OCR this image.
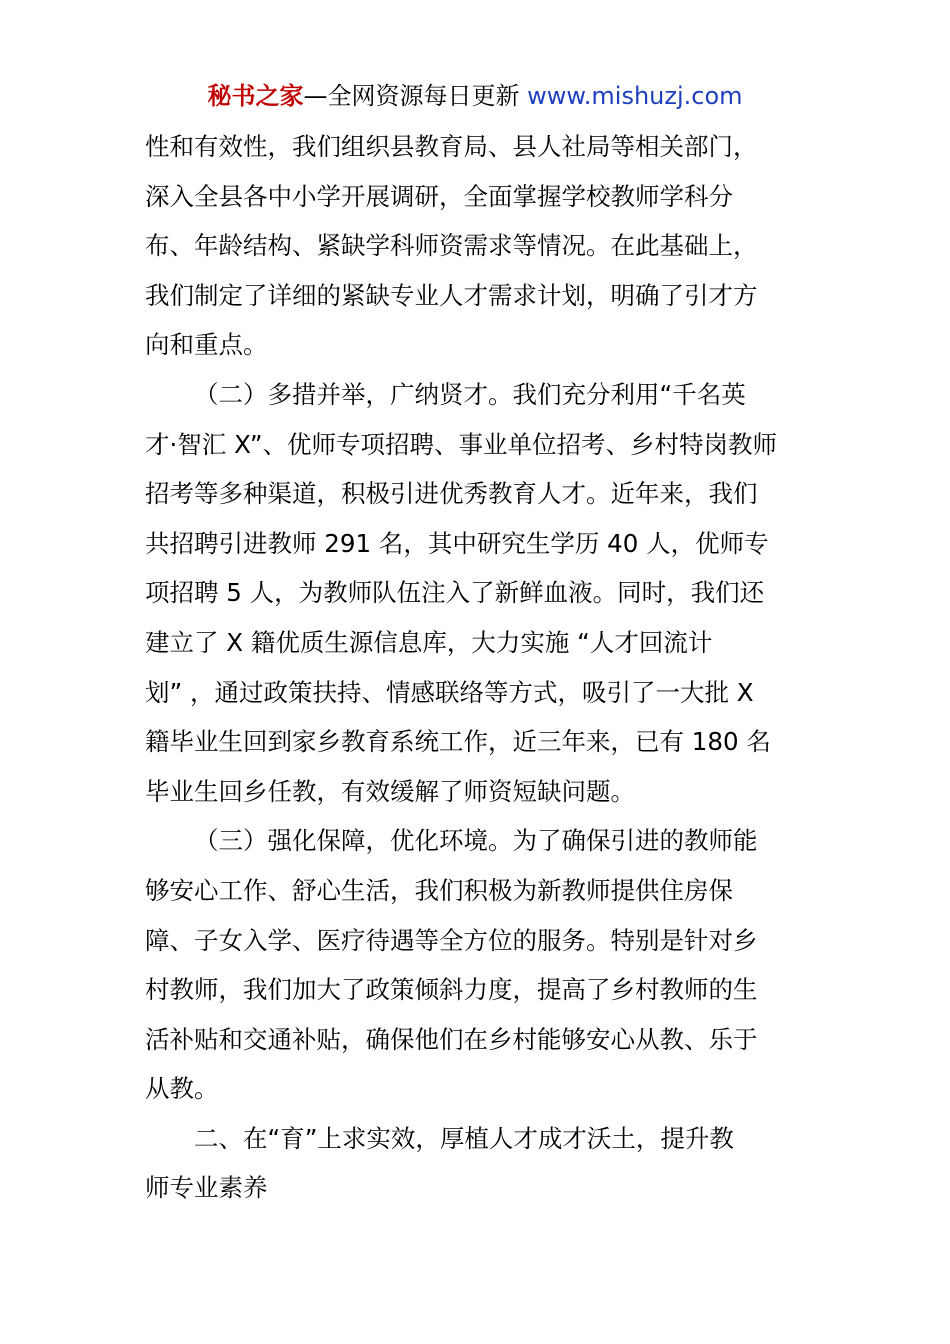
秘书之家—全网资源每日更新 www.mishuzj.com
性和有效性，我们组织县教育局、县人社局等相关部门，
深入全县各中小学开展调研，全面掌握学校教师学科分
布、年龄结构、紧缺学科师资需求等情况。在此基础上，
我们制定了详细的紧缺专业人才需求计划，明确了引才方
向和重点。
（二）多措并举，广纳贤才。我们充分利用“千名英
才·智汇 X”、优师专项招聘、事业单位招考、乡村特岗教师
招考等多种渠道，积极引进优秀教育人才。近年来，我们
共招聘引进教师 291 名，其中研究生学历 40 人，优师专
项招聘 5 人，为教师队伍注入了新鲜血液。同时，我们还
建立了 X 籍优质生源信息库，大力实施 “人才回流计
划” ，通过政策扶持、情感联络等方式，吸引了一大批 X
籍毕业生回到家乡教育系统工作，近三年来，已有 180 名
毕业生回乡任教，有效缓解了师资短缺问题。
（三）强化保障，优化环境。为了确保引进的教师能
够安心工作、舒心生活，我们积极为新教师提供住房保
障、子女入学、医疗待遇等全方位的服务。特别是针对乡
村教师，我们加大了政策倾斜力度，提高了乡村教师的生
活补贴和交通补贴，确保他们在乡村能够安心从教、乐于
从教。
二、在“育”上求实效，厚植人才成才沃土，提升教
师专业素养
